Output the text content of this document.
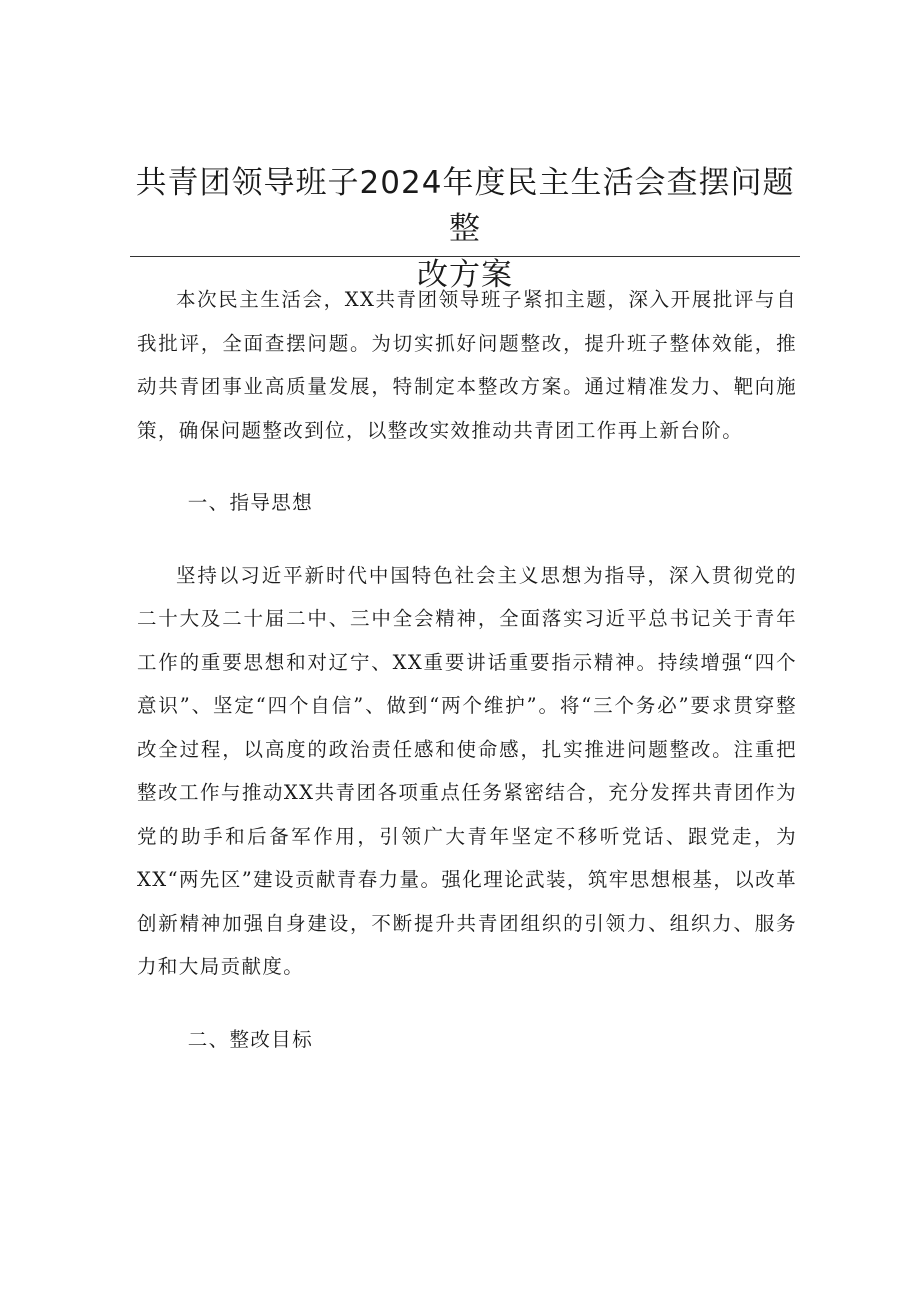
共青团领导班子2024年度民主生活会查摆问题整
改方案

本次民主生活会，XX共青团领导班子紧扣主题，深入开展批评与自我批评，全面查摆问题。为切实抓好问题整改，提升班子整体效能，推动共青团事业高质量发展，特制定本整改方案。通过精准发力、靶向施策，确保问题整改到位，以整改实效推动共青团工作再上新台阶。

一、指导思想

坚持以习近平新时代中国特色社会主义思想为指导，深入贯彻党的二十大及二十届二中、三中全会精神，全面落实习近平总书记关于青年工作的重要思想和对辽宁、XX重要讲话重要指示精神。持续增强“四个意识”、坚定“四个自信”、做到“两个维护”。将“三个务必”要求贯穿整改全过程，以高度的政治责任感和使命感，扎实推进问题整改。注重把整改工作与推动XX共青团各项重点任务紧密结合，充分发挥共青团作为党的助手和后备军作用，引领广大青年坚定不移听党话、跟党走，为XX“两先区”建设贡献青春力量。强化理论武装，筑牢思想根基，以改革创新精神加强自身建设，不断提升共青团组织的引领力、组织力、服务力和大局贡献度。

二、整改目标
